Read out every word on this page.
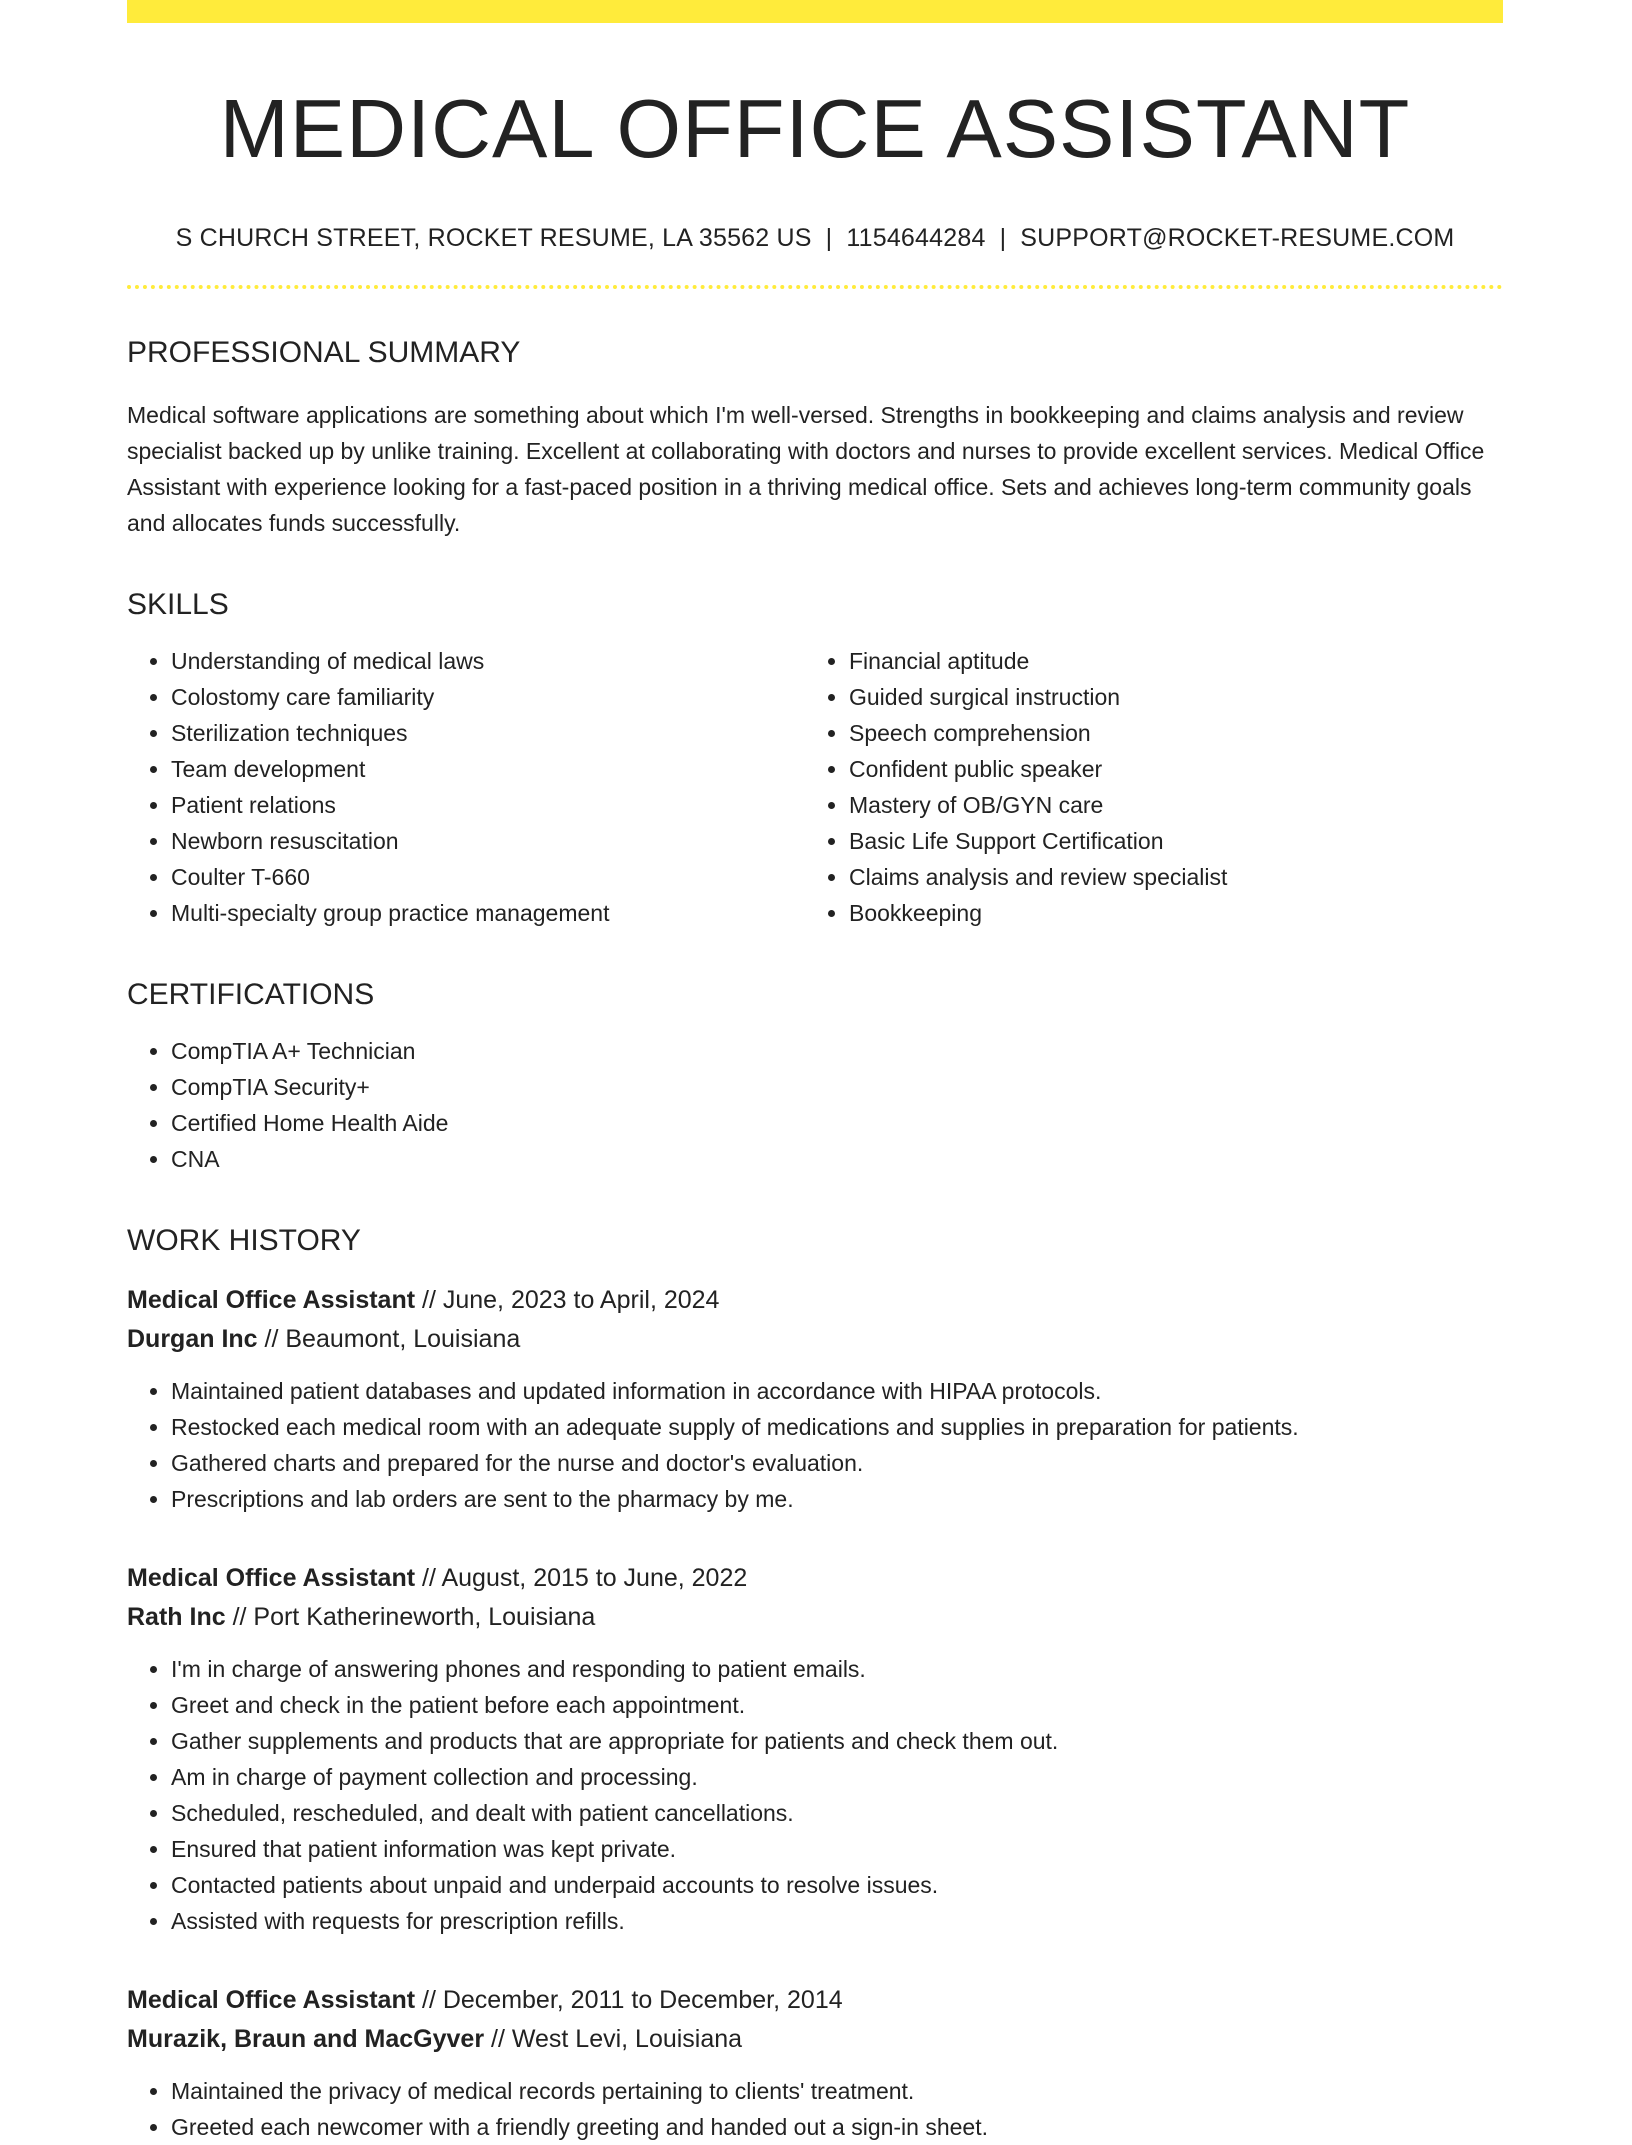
MEDICAL OFFICE ASSISTANT
S CHURCH STREET, ROCKET RESUME, LA 35562 US | 1154644284 | SUPPORT@ROCKET-RESUME.COM
PROFESSIONAL SUMMARY

Medical software applications are something about which I'm well-versed. Strengths in bookkeeping and claims analysis and review specialist backed up by unlike training. Excellent at collaborating with doctors and nurses to provide excellent services. Medical Office Assistant with experience looking for a fast-paced position in a thriving medical office. Sets and achieves long-term community goals and allocates funds successfully.

SKILLS
• Understanding of medical laws
• Colostomy care familiarity
• Sterilization techniques
• Team development
• Patient relations
• Newborn resuscitation
• Coulter T-660
• Multi-specialty group practice management
• Financial aptitude
• Guided surgical instruction
• Speech comprehension
• Confident public speaker
• Mastery of OB/GYN care
• Basic Life Support Certification
• Claims analysis and review specialist
• Bookkeeping
CERTIFICATIONS
• CompTIA A+ Technician
• CompTIA Security+
• Certified Home Health Aide
• CNA
WORK HISTORY
Medical Office Assistant // June, 2023 to April, 2024
Durgan Inc // Beaumont, Louisiana
• Maintained patient databases and updated information in accordance with HIPAA protocols.
• Restocked each medical room with an adequate supply of medications and supplies in preparation for patients.
• Gathered charts and prepared for the nurse and doctor's evaluation.
• Prescriptions and lab orders are sent to the pharmacy by me.
Medical Office Assistant // August, 2015 to June, 2022
Rath Inc // Port Katherineworth, Louisiana
• I'm in charge of answering phones and responding to patient emails.
• Greet and check in the patient before each appointment.
• Gather supplements and products that are appropriate for patients and check them out.
• Am in charge of payment collection and processing.
• Scheduled, rescheduled, and dealt with patient cancellations.
• Ensured that patient information was kept private.
• Contacted patients about unpaid and underpaid accounts to resolve issues.
• Assisted with requests for prescription refills.
Medical Office Assistant // December, 2011 to December, 2014
Murazik, Braun and MacGyver // West Levi, Louisiana
• Maintained the privacy of medical records pertaining to clients' treatment.
• Greeted each newcomer with a friendly greeting and handed out a sign-in sheet.
